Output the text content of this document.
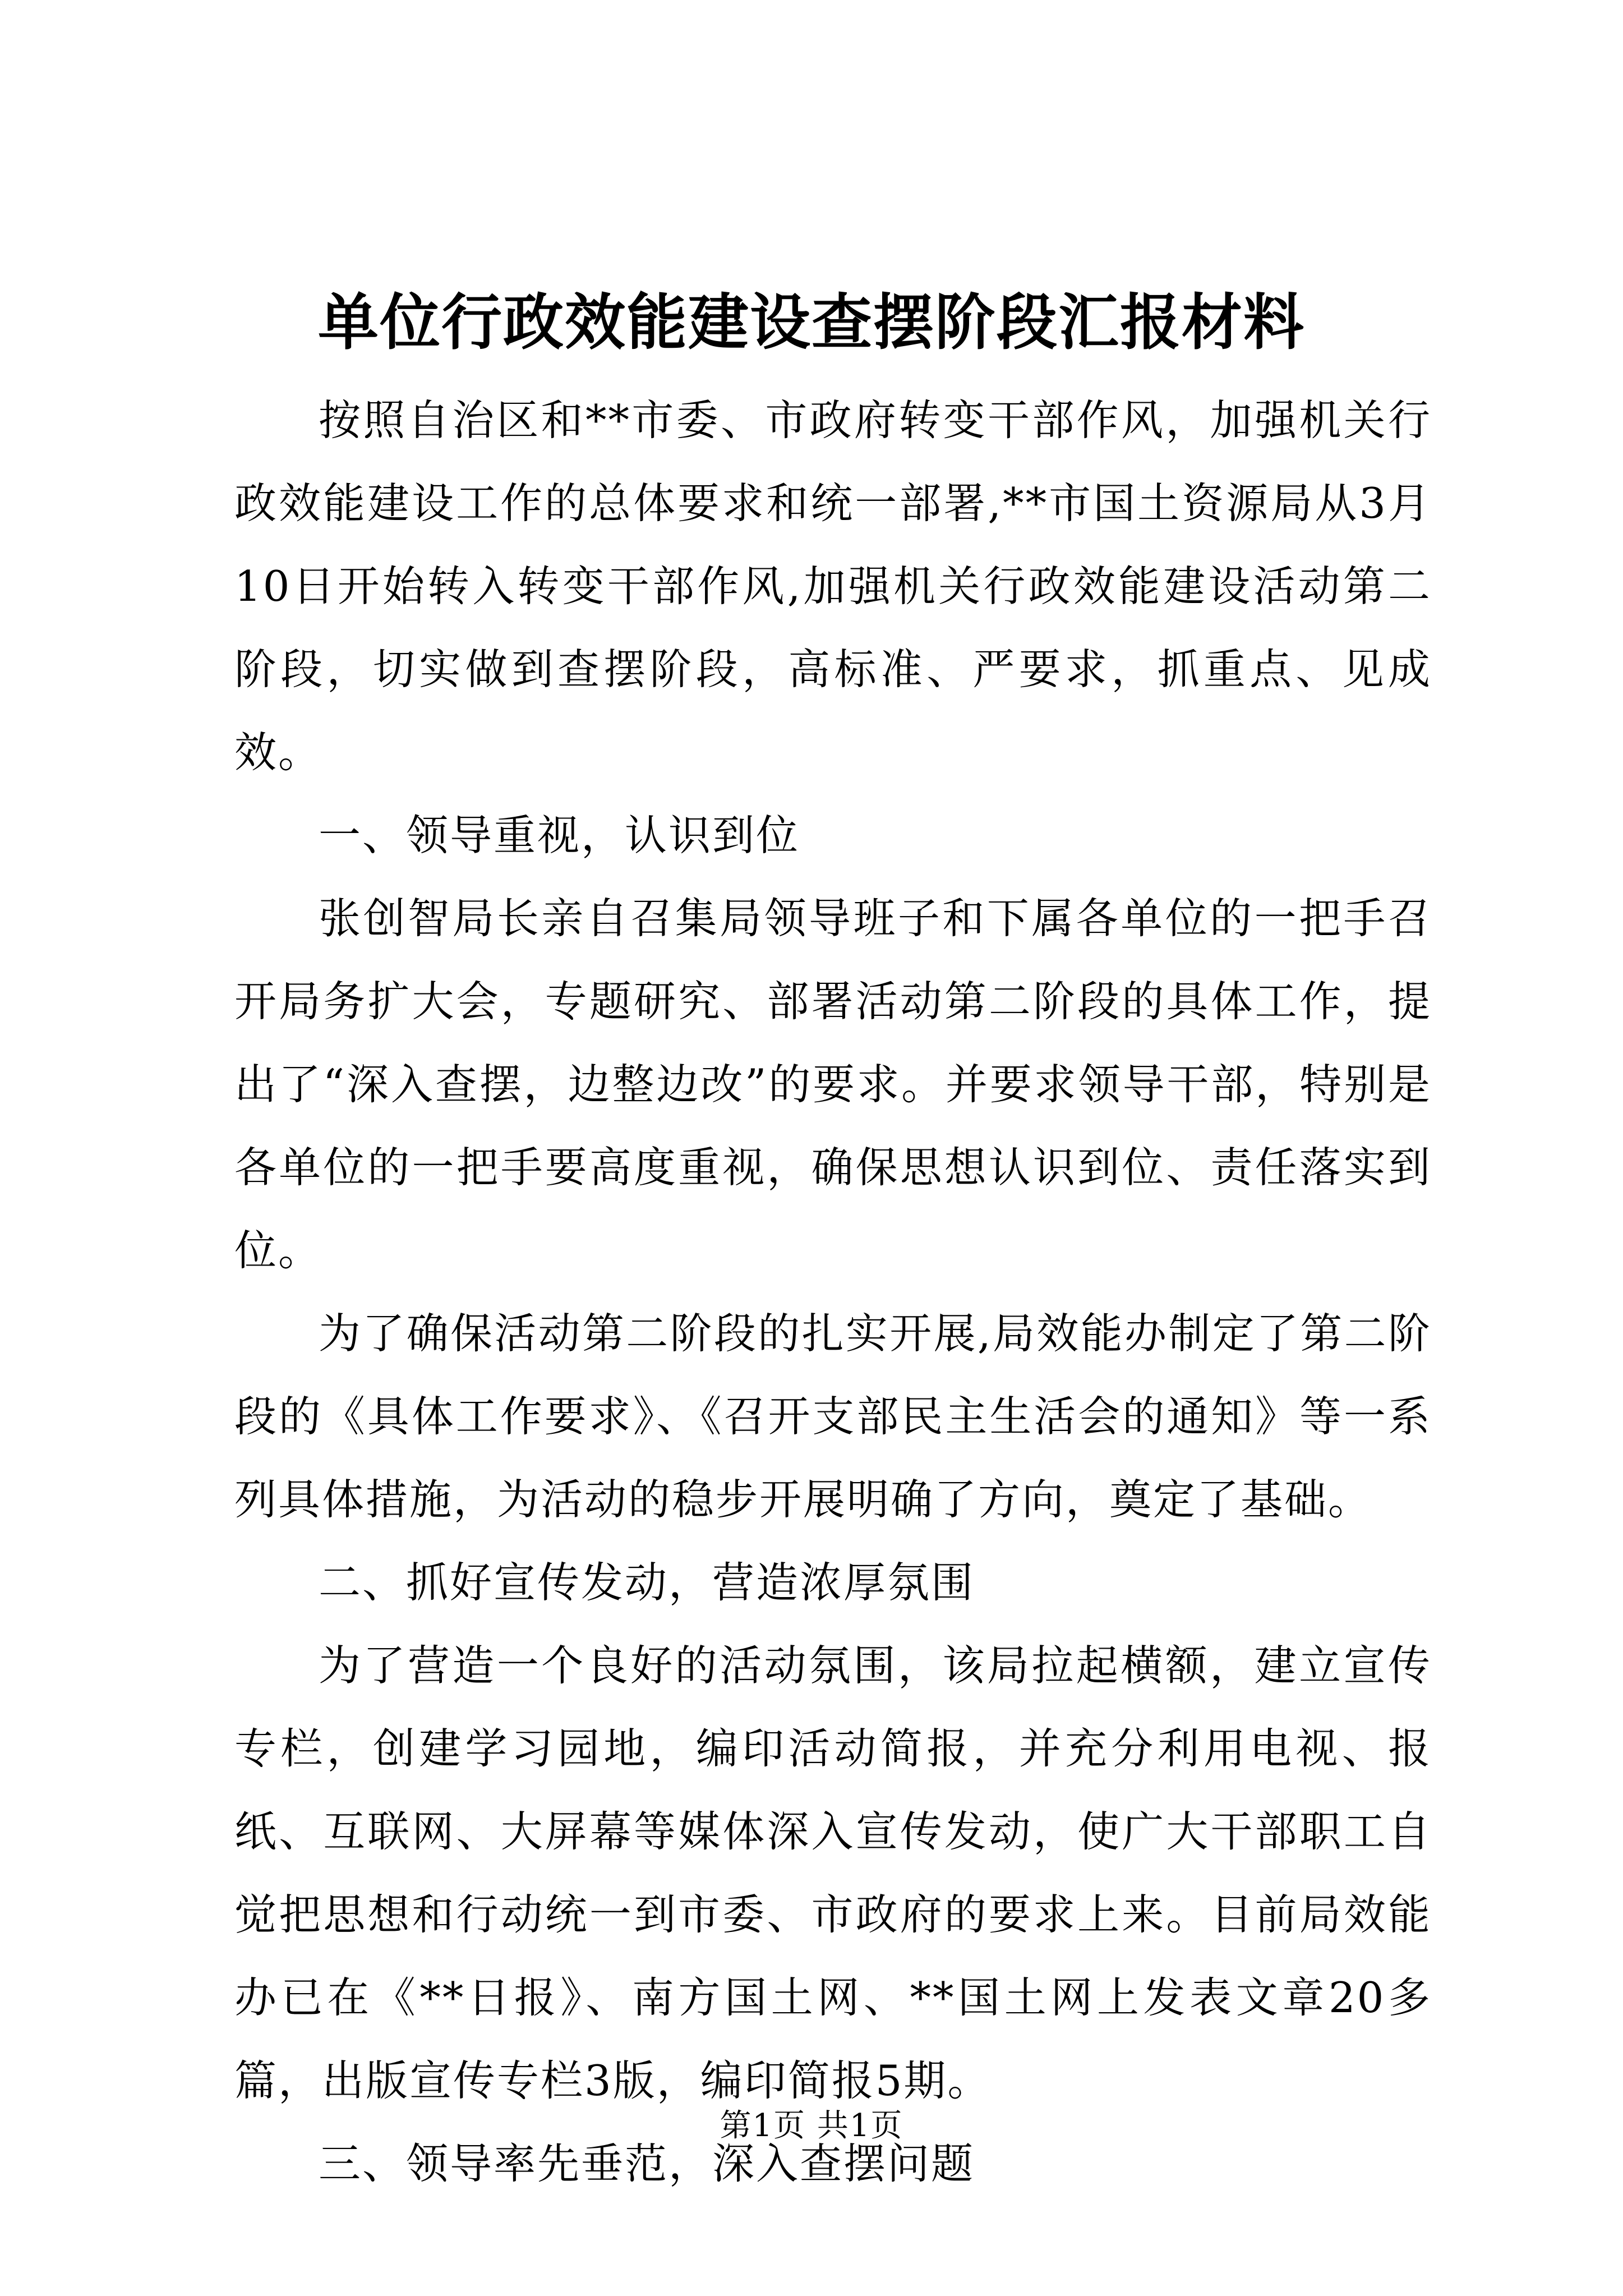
单位行政效能建设查摆阶段汇报材料

按照自治区和**市委、市政府转变干部作风，加强机关行政效能建设工作的总体要求和统一部署,**市国土资源局从3月10日开始转入转变干部作风,加强机关行政效能建设活动第二阶段，切实做到查摆阶段，高标准、严要求，抓重点、见成效。

一、领导重视，认识到位

张创智局长亲自召集局领导班子和下属各单位的一把手召开局务扩大会，专题研究、部署活动第二阶段的具体工作，提出了“深入查摆，边整边改”的要求。并要求领导干部，特别是各单位的一把手要高度重视，确保思想认识到位、责任落实到位。

为了确保活动第二阶段的扎实开展,局效能办制定了第二阶段的《具体工作要求》、《召开支部民主生活会的通知》等一系列具体措施，为活动的稳步开展明确了方向，奠定了基础。

二、抓好宣传发动，营造浓厚氛围

为了营造一个良好的活动氛围，该局拉起横额，建立宣传专栏，创建学习园地，编印活动简报，并充分利用电视、报纸、互联网、大屏幕等媒体深入宣传发动，使广大干部职工自觉把思想和行动统一到市委、市政府的要求上来。目前局效能办已在《**日报》、南方国土网、**国土网上发表文章20多篇，出版宣传专栏3版，编印简报5期。

三、领导率先垂范，深入查摆问题

第1页 共1页
